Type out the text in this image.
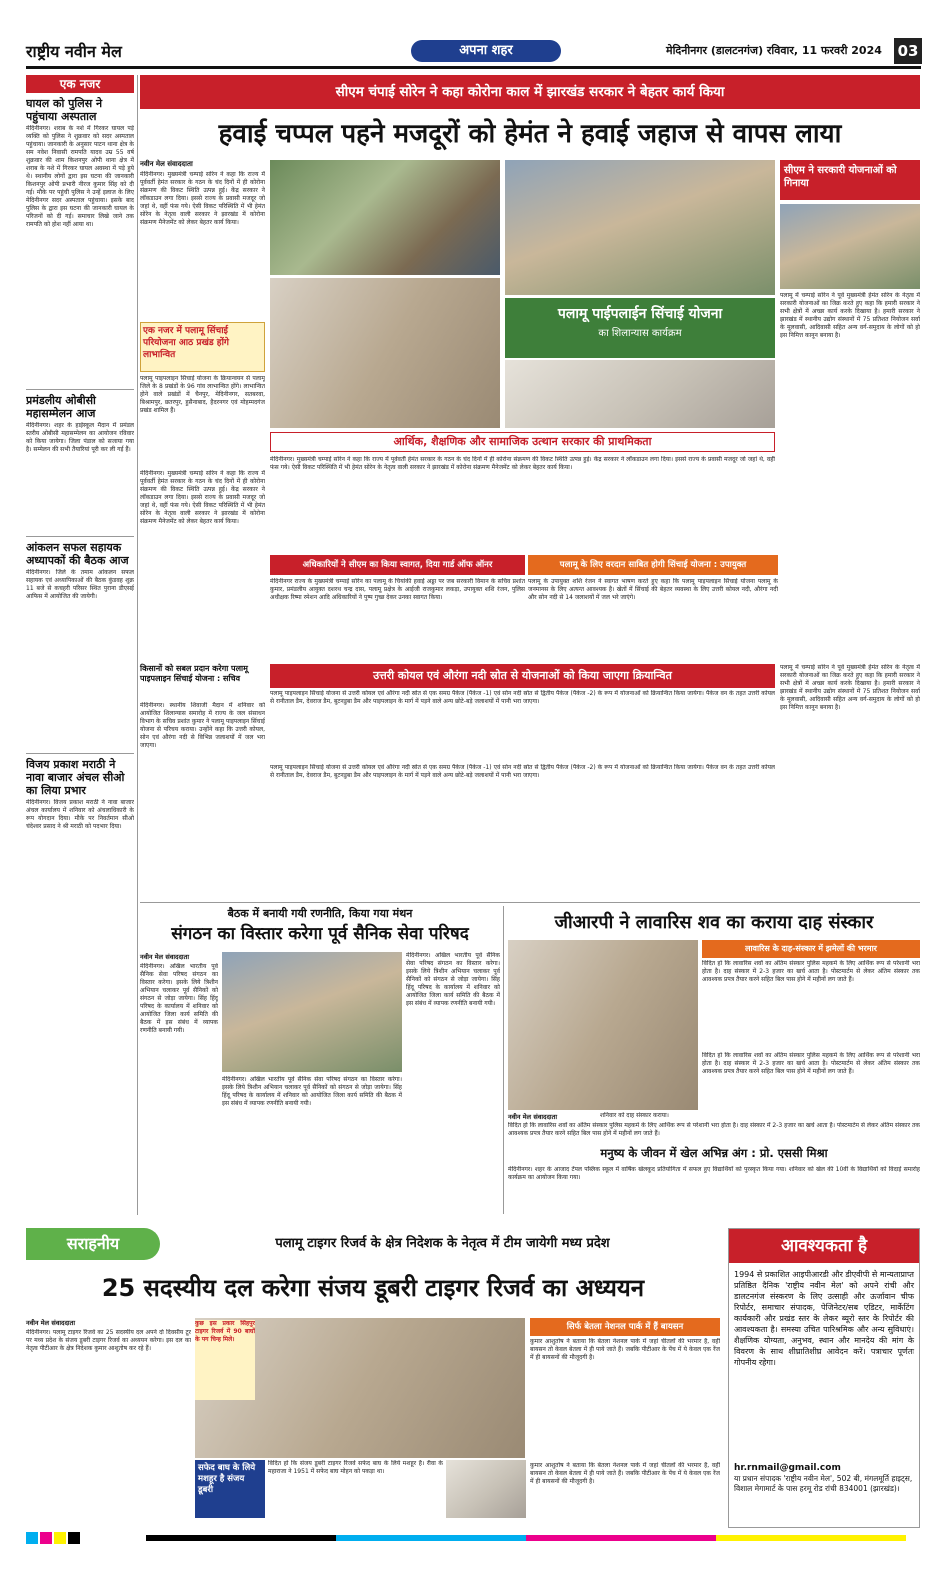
राष्ट्रीय नवीन मेल	अपना शहर	मेदिनीनगर (डालटनगंज) रविवार, 11 फरवरी 2024 03
एक नजर
घायल को पुलिस ने पहुंचाया अस्पताल
मेदिनीनगर। शराब के नशे में गिरकर घायल पड़े व्यक्ति को पुलिस ने शुक्रवार को सदर अस्पताल पहुंचाया। जानकारी के अनुसार पाटन थाना क्षेत्र के सम नवेश निवासी रामपति यादव उम्र 55 वर्ष शुक्रवार की शाम किशनपुर ओपी थाना क्षेत्र में शराब के नशे में गिरकर घायल अवस्था में पड़े हुये थे। स्थानीय लोगों द्वारा इस घटना की जानकारी किशनपुर ओपी प्रभारी नीरज कुमार सिंह को दी गई। मौके पर पहुंची पुलिस ने उन्हें इलाज के लिए मेदिनीनगर सदर अस्पताल पहुंचाया। इसके बाद पुलिस के द्वारा इस घटना की जानकारी घायल के परिजनों को दी गई। समाचार लिखे जाने तक रामपति को होश नहीं आया था।
प्रमंडलीय ओबीसी महासम्मेलन आज
मेदिनीनगर। शहर के हाईस्कूल मैदान में प्रमंडल स्तरीय ओबीसी महासम्मेलन का आयोजन रविवार को किया जायेगा। जिला पंडाल को सजाया गया है। सम्मेलन की सभी तैयारियां पूरी कर ली गई हैं।
आंकलन सफल सहायक अध्यापकों की बैठक आज
मेदिनीनगर। जिले के तमाम आंकलन सफल सहायक एवं अध्यापिकाओं की बैठक कुंडवह शुक्र 11 बजे से कचहरी परिसर स्थित पुराना डीएसई आफिस में आयोजित की जायेगी।
विजय प्रकाश मराठी ने नावा बाजार अंचल सीओ का लिया प्रभार
मेदिनीनगर। विजय प्रकाश मराठी ने नावा बाजार अंचल कार्यालय में शनिवार को अंचलाधिकारी के रूप योगदान दिया। मौके पर निवर्तमान सीओ चंदेश्वर प्रसाद ने श्री मराठी को पदभार दिया।
सीएम चंपाई सोरेन ने कहा कोरोना काल में झारखंड सरकार ने बेहतर कार्य किया
हवाई चप्पल पहने मजदूरों को हेमंत ने हवाई जहाज से वापस लाया
नवीन मेल संवाददाता
मेदिनीनगर। मुख्यमंत्री चम्पाई सोरेन ने कहा कि राज्य में पूर्ववर्ती हेमंत सरकार के गठन के चंद दिनों में ही कोरोना संक्रमण की विकट स्थिति उत्पन्न हुई। केंद्र सरकार ने लॉकडाउन लगा दिया। इससे राज्य के प्रवासी मजदूर जो जहां थे, वहीं फंस गये। ऐसी विकट परिस्थिति में भी हेमंत सोरेन के नेतृत्व वाली सरकार ने झारखंड में कोरोना संक्रमण मैनेजमेंट को लेकर बेहतर कार्य किया।
एक नजर में पलामू सिंचाई परियोजना आठ प्रखंड होंगे लाभान्वित
पलामू पाइपलाइन सिंचाई योजना के क्रियान्वयन से पलामू जिले के 8 प्रखंडों के 96 गांव लाभान्वित होंगे। लाभान्वित होने वाले प्रखंडों में चैनपुर, मेदिनीनगर, सतबरवा, बिश्रामपुर, छतरपुर, हुसैनाबाद, हैदरनगर एवं मोहम्मदगंज प्रखंड शामिल हैं।
पलामू पाईपलाईन सिंचाई योजना
का शिलान्यास कार्यक्रम
आर्थिक, शैक्षणिक और सामाजिक उत्थान सरकार की प्राथमिकता
मेदिनीनगर। मुख्यमंत्री चम्पाई सोरेन ने कहा कि राज्य में पूर्ववर्ती हेमंत सरकार के गठन के चंद दिनों में ही कोरोना संक्रमण की विकट स्थिति उत्पन्न हुई। केंद्र सरकार ने लॉकडाउन लगा दिया। इससे राज्य के प्रवासी मजदूर जो जहां थे, वहीं फंस गये। ऐसी विकट परिस्थिति में भी हेमंत सोरेन के नेतृत्व वाली सरकार ने झारखंड में कोरोना संक्रमण मैनेजमेंट को लेकर बेहतर कार्य किया।
सीएम ने सरकारी योजनाओं को गिनाया
पलामू में चम्पाई सोरेन ने पूर्व मुख्यमंत्री हेमंत सोरेन के नेतृत्व में सरकारी योजनाओं का जिक्र करते हुए कहा कि हमारी सरकार ने सभी क्षेत्रों में अच्छा कार्य करके दिखाया है। हमारी सरकार ने झारखंड में स्थानीय उद्योग संस्थानों में 75 प्रतिशत नियोजन सर्वा के मूलवासी, आदिवासी सहित अन्य वर्ग-समुदाय के लोगों को हो इस निमित्त कानून बनाया है।
अधिकारियों ने सीएम का किया स्वागत, दिया गार्ड ऑफ ऑनर
मेदिनीनगर राज्य के मुख्यमंत्री चम्पाई सोरेन का पलामू के चियांकी हवाई अड्डा पर जब सरकारी विमान के सचिव प्रशांत कुमार, प्रमंडलीय आयुक्त दशरथ चन्द्र दास, पलामू प्रक्षेत्र के आईजी राजकुमार लकड़ा, उपायुक्त शशि रंजन, पुलिस अधीक्षक रिष्मा रमेशन आदि अधिकारियों ने पुष्प गुच्छ देकर उनका स्वागत किया।
पलामू के लिए वरदान साबित होगी सिंचाई योजना : उपायुक्त
पलामू के उपायुक्त शशि रंजन ने स्वागत भाषण करते हुए कहा कि पलामू पाइपलाइन सिंचाई योजना पलामू के जनमानस के लिए अत्यन्त आवश्यक है। खेतों में सिंचाई की बेहतर व्यवस्था के लिए उत्तरी कोयल नदी, औरंगा नदी और सोन नदी से 14 जलाशयों में जल भरे जाएंगे।
उत्तरी कोयल एवं औरंगा नदी स्रोत से योजनाओं को किया जाएगा क्रियान्वित
पलामू पाइपलाइन सिंचाई योजना से उत्तरी कोयल एवं औरंगा नदी स्रोत से एक समग्र पैकेज (पैकेज -1) एवं सोन नदी स्रोत से द्वितीय पैकेज (पैकेज -2) के रूप में योजनाओं को क्रियान्वित किया जायेगा। पैकेज वन के तहत उत्तरी कोयल से रानीताल डैम, देवराज डैम, बुटनडुबा डैम और पाइपलाइन के मार्ग में पड़ने वाले अन्य छोटे-बड़े जलाशयों में पानी भरा जाएगा।
मेदिनीनगर। मुख्यमंत्री चम्पाई सोरेन ने कहा कि राज्य में पूर्ववर्ती हेमंत सरकार के गठन के चंद दिनों में ही कोरोना संक्रमण की विकट स्थिति उत्पन्न हुई। केंद्र सरकार ने लॉकडाउन लगा दिया। इससे राज्य के प्रवासी मजदूर जो जहां थे, वहीं फंस गये। ऐसी विकट परिस्थिति में भी हेमंत सोरेन के नेतृत्व वाली सरकार ने झारखंड में कोरोना संक्रमण मैनेजमेंट को लेकर बेहतर कार्य किया।
किसानों को सबल प्रदान करेगा पलामू पाइपलाइन सिंचाई योजना : सचिव
मेदिनीनगर। स्थानीय शिवाजी मैदान में शनिवार को आयोजित शिलान्यास समारोह में राज्य के जल संसाधन विभाग के सचिव प्रशांत कुमार ने पलामू पाइपलाइन सिंचाई योजना से परिचय कराया। उन्होंने कहा कि उत्तरी कोयल, सोन एवं औरंगा नदी से विभिन्न जलाशयों में जल भरा जाएगा।
पलामू पाइपलाइन सिंचाई योजना से उत्तरी कोयल एवं औरंगा नदी स्रोत से एक समग्र पैकेज (पैकेज -1) एवं सोन नदी स्रोत से द्वितीय पैकेज (पैकेज -2) के रूप में योजनाओं को क्रियान्वित किया जायेगा। पैकेज वन के तहत उत्तरी कोयल से रानीताल डैम, देवराज डैम, बुटनडुबा डैम और पाइपलाइन के मार्ग में पड़ने वाले अन्य छोटे-बड़े जलाशयों में पानी भरा जाएगा।
पलामू में चम्पाई सोरेन ने पूर्व मुख्यमंत्री हेमंत सोरेन के नेतृत्व में सरकारी योजनाओं का जिक्र करते हुए कहा कि हमारी सरकार ने सभी क्षेत्रों में अच्छा कार्य करके दिखाया है। हमारी सरकार ने झारखंड में स्थानीय उद्योग संस्थानों में 75 प्रतिशत नियोजन सर्वा के मूलवासी, आदिवासी सहित अन्य वर्ग-समुदाय के लोगों को हो इस निमित्त कानून बनाया है।
बैठक में बनायी गयी रणनीति, किया गया मंथन
संगठन का विस्तार करेगा पूर्व सैनिक सेवा परिषद
नवीन मेल संवाददाता
मेदिनीनगर। अखिल भारतीय पूर्व सैनिक सेवा परिषद संगठन का विस्तार करेगा। इसके लिये त्रिशीन अभियान चलाकर पूर्व सैनिकों को संगठन से जोड़ा जायेगा। सिंह हिंदू परिषद के कार्यालय में शनिवार को आयोजित जिला कार्य समिति की बैठक में इस संबंध में व्यापक रणनीति बनायी गयी।
मेदिनीनगर। अखिल भारतीय पूर्व सैनिक सेवा परिषद संगठन का विस्तार करेगा। इसके लिये त्रिशीन अभियान चलाकर पूर्व सैनिकों को संगठन से जोड़ा जायेगा। सिंह हिंदू परिषद के कार्यालय में शनिवार को आयोजित जिला कार्य समिति की बैठक में इस संबंध में व्यापक रणनीति बनायी गयी।
मेदिनीनगर। अखिल भारतीय पूर्व सैनिक सेवा परिषद संगठन का विस्तार करेगा। इसके लिये त्रिशीन अभियान चलाकर पूर्व सैनिकों को संगठन से जोड़ा जायेगा। सिंह हिंदू परिषद के कार्यालय में शनिवार को आयोजित जिला कार्य समिति की बैठक में इस संबंध में व्यापक रणनीति बनायी गयी।
जीआरपी ने लावारिस शव का कराया दाह संस्कार
लावारिस के दाह-संस्कार में झमेलों की भरमार
विदित हो कि लावारिस शवों का अंतिम संस्कार पुलिस महकमे के लिए आर्थिक रूप से परेशानी भरा होता है। दाह संस्कार में 2-3 हजार का खर्च आता है। पोस्टमार्टम से लेकर अंतिम संस्कार तक आवश्यक प्रपत्र तैयार करने सहित बिल पास होने में महीनों लग जाते हैं।
विदित हो कि लावारिस शवों का अंतिम संस्कार पुलिस महकमे के लिए आर्थिक रूप से परेशानी भरा होता है। दाह संस्कार में 2-3 हजार का खर्च आता है। पोस्टमार्टम से लेकर अंतिम संस्कार तक आवश्यक प्रपत्र तैयार करने सहित बिल पास होने में महीनों लग जाते हैं।
नवीन मेल संवाददाता	शनिवार को दाह संस्कार कराया।
विदित हो कि लावारिस शवों का अंतिम संस्कार पुलिस महकमे के लिए आर्थिक रूप से परेशानी भरा होता है। दाह संस्कार में 2-3 हजार का खर्च आता है। पोस्टमार्टम से लेकर अंतिम संस्कार तक आवश्यक प्रपत्र तैयार करने सहित बिल पास होने में महीनों लग जाते हैं।
मनुष्य के जीवन में खेल अभिन्न अंग : प्रो. एससी मिश्रा
मेदिनीनगर। शहर के आजाद टेंपल पब्लिक स्कूल में वार्षिक खेलकूद प्रतियोगिता में सफल हुए विद्यार्थियों को पुरस्कृत किया गया। शनिवार को खेल की 10वीं के विद्यार्थियों को विदाई समारोह कार्यक्रम का आयोजन किया गया।
सराहनीय	पलामू टाइगर रिजर्व के क्षेत्र निदेशक के नेतृत्व में टीम जायेगी मध्य प्रदेश
25 सदस्यीय दल करेगा संजय डूबरी टाइगर रिजर्व का अध्ययन
नवीन मेल संवाददाता
मेदिनीनगर। पलामू टाइगर रिजर्व का 25 सदस्यीय दल अपने दो दिवसीय टूर पर मध्य प्रदेश के संजय डूबरी टाइगर रिजर्व का अध्ययन करेगा। इस दल का नेतृत्व पीटीआर के क्षेत्र निदेशक कुमार आशुतोष कर रहे हैं।
कुछ इस प्रकार सिंहपुर टाइगर रिजर्व में 90 बाघों के पग चिन्ह मिले।
सफेद बाघ के लिये मशहूर है संजय डूबरी
विदित हो कि संजय डूबरी टाइगर रिजर्व सफेद बाघ के लिये मशहूर है। रीवा के महाराजा ने 1951 में सफेद बाघ मोहन को पकड़ा था।
सिर्फ बेतला नेशनल पार्क में हैं बायसन
कुमार आशुतोष ने बताया कि बेतला नेशनल पार्क में जहां चीतलों की भरमार है, वहीं बायसन तो केवल बेतला में ही पाये जाते हैं। जबकि पीटीआर के पेंच में ये केवल एक रेंज में ही बायसनों की मौजूदगी है।
कुमार आशुतोष ने बताया कि बेतला नेशनल पार्क में जहां चीतलों की भरमार है, वहीं बायसन तो केवल बेतला में ही पाये जाते हैं। जबकि पीटीआर के पेंच में ये केवल एक रेंज में ही बायसनों की मौजूदगी है।
आवश्यकता है
1994 से प्रकाशित आइपीआरडी और डीएवीपी से मान्यताप्राप्त प्रतिष्ठित दैनिक 'राष्ट्रीय नवीन मेल' को अपने रांची और डालटनगंज संस्करण के लिए उत्साही और ऊर्जावान चीफ रिपोर्टर, समाचार संपादक, पेजिनेटर/सब एडिटर, मार्केटिंग कार्यकारी और प्रखंड स्तर के लेकर ब्यूरो स्तर के रिपोर्टर की आवश्यकता है। समस्या उचित पारिश्रमिक और अन्य सुविधाएं। शैक्षणिक योग्यता, अनुभव, स्थान और मानदेय की मांग के विवरण के साथ शीघ्रातिशीघ्र आवेदन करें। पत्राचार पूर्णतः गोपनीय रहेगा।
hr.rnmail@gmail.com
या प्रधान संपादक 'राष्ट्रीय नवीन मेल', 502 बी, मंगलमूर्ति हाइट्स, विशाल मेगामार्ट के पास हरमू रोड रांची 834001 (झारखंड)।
